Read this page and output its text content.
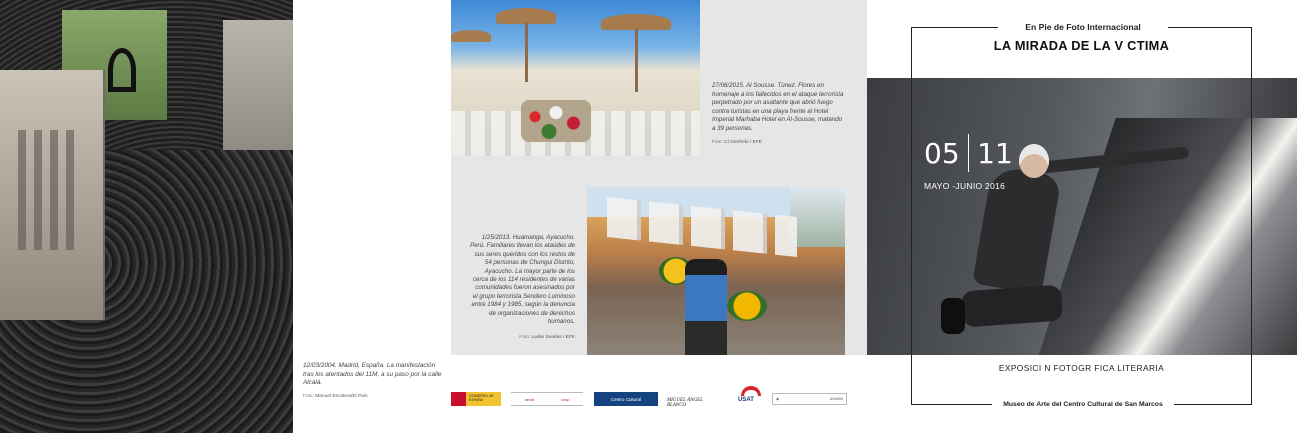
12/03/2004. Madrid, España. La manifestación tras los atentados del 11M, a su paso por la calle Alcalá.

Foto: Manuel Escalera/El País

27/06/2015. Al Sousse. Túnez. Flores en homenaje a los fallecidos en el ataque terrorista perpetrado por un asaltante que abrió fuego contra turistas en una playa frente al Hotel Imperial Marhaba Hotel en Al-Sousse, matando a 39 personas.

Foto: Cl Gerthelo / EFE

1/25/2013. Huamanga, Ayacucho. Perú. Familiares llevan los ataúdes de sus seres queridos con los restos de 54 personas de Chungui Distrito, Ayacucho. La mayor parte de los cerca de los 114 residentes de varias comunidades fueron asesinados por el grupo terrorista Sendero Luminoso entre 1984 y 1985, según la denuncia de organizaciones de derechos humanos.

Foto: Leslie Searles / EFE

GOBIERNO DE ESPAÑA	aecid	ccsp	Centro Cultural	MIGUEL ÁNGEL BLANCO
USAT	◉	UNMSM
En Pie de Foto Internacional
LA MIRADA DE LA V CTIMA
05 11
MAYO -JUNIO 2016
EXPOSICI N FOTOGR FICA LITERARIA
Museo de Arte del Centro Cultural de San Marcos
